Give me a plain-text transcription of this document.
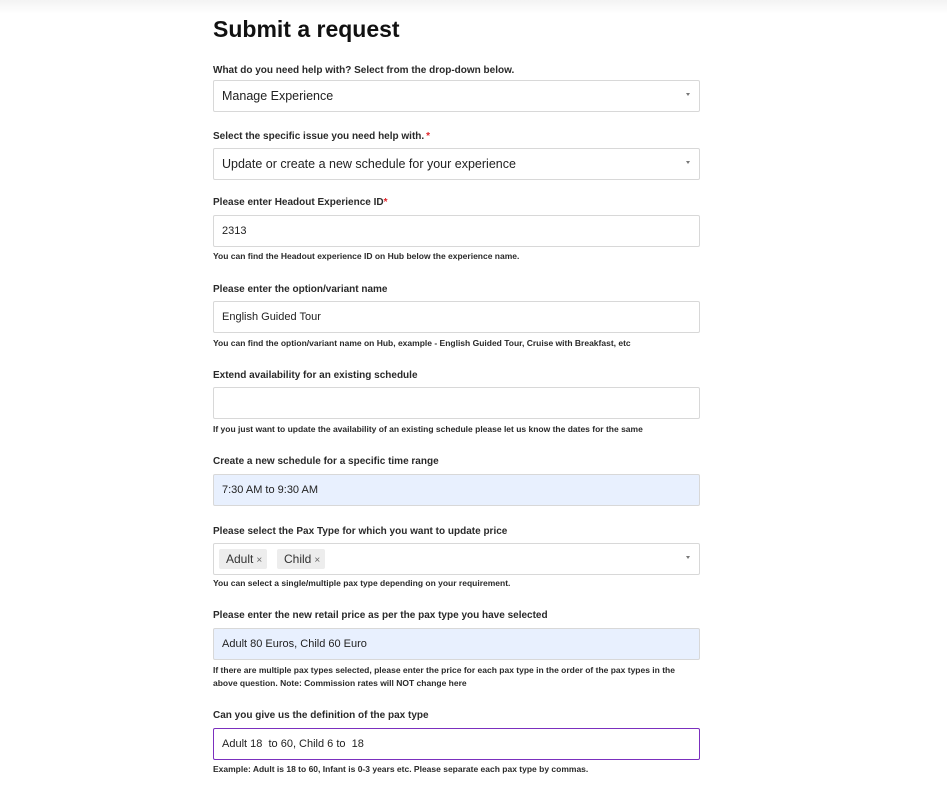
Submit a request
What do you need help with? Select from the drop-down below.
Manage Experience
Select the specific issue you need help with. *
Update or create a new schedule for your experience
Please enter Headout Experience ID*
2313
You can find the Headout experience ID on Hub below the experience name.
Please enter the option/variant name
English Guided Tour
You can find the option/variant name on Hub, example - English Guided Tour, Cruise with Breakfast, etc
Extend availability for an existing schedule
If you just want to update the availability of an existing schedule please let us know the dates for the same
Create a new schedule for a specific time range
7:30 AM to 9:30 AM
Please select the Pax Type for which you want to update price
Adult ×	Child ×
You can select a single/multiple pax type depending on your requirement.
Please enter the new retail price as per the pax type you have selected
Adult 80 Euros, Child 60 Euro
If there are multiple pax types selected, please enter the price for each pax type in the order of the pax types in the above question. Note: Commission rates will NOT change here
Can you give us the definition of the pax type
Adult 18  to 60, Child 6 to  18
Example: Adult is 18 to 60, Infant is 0-3 years etc. Please separate each pax type by commas.
